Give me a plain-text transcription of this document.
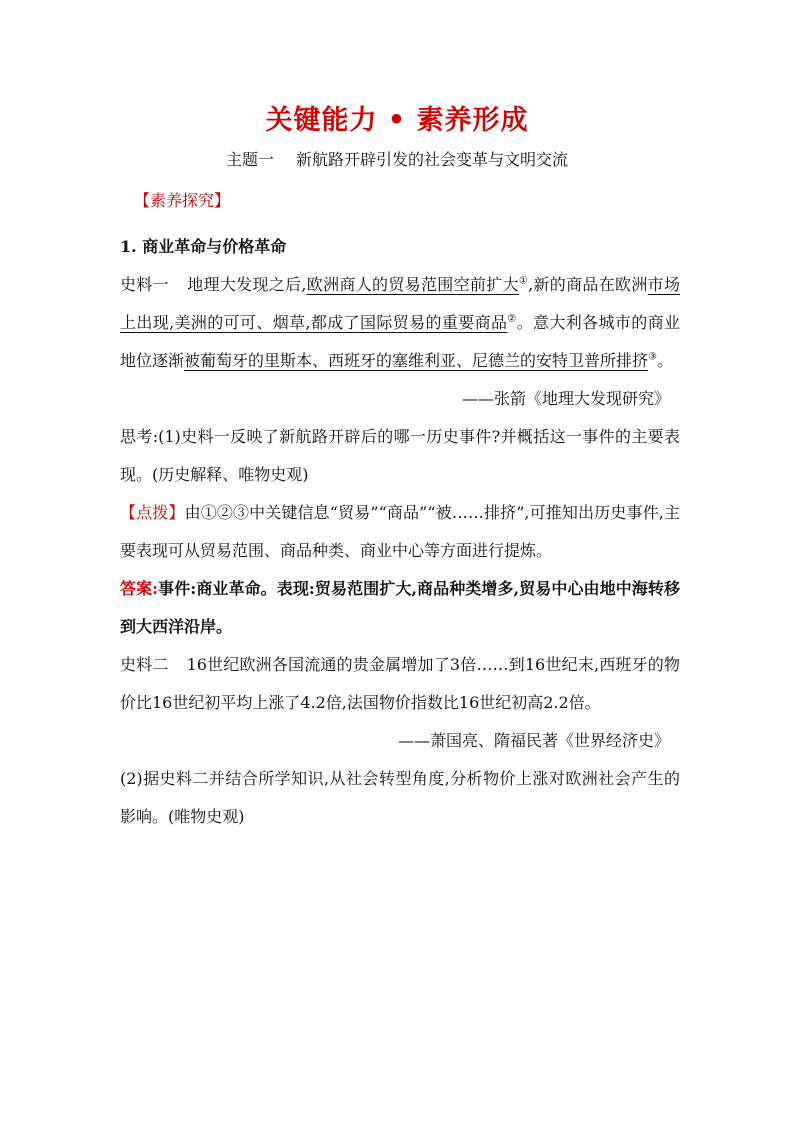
关键能力 • 素养形成
主题一 新航路开辟引发的社会变革与文明交流
【素养探究】

1. 商业革命与价格革命

史料一 地理大发现之后,欧洲商人的贸易范围空前扩大①,新的商品在欧洲市场上出现,美洲的可可、烟草,都成了国际贸易的重要商品②。意大利各城市的商业地位逐渐被葡萄牙的里斯本、西班牙的塞维利亚、尼德兰的安特卫普所排挤③。

——张箭《地理大发现研究》

思考:(1)史料一反映了新航路开辟后的哪一历史事件?并概括这一事件的主要表现。(历史解释、唯物史观)

【点拨】由①②③中关键信息“贸易”“商品”“被……排挤”,可推知出历史事件,主要表现可从贸易范围、商品种类、商业中心等方面进行提炼。

答案:事件:商业革命。表现:贸易范围扩大,商品种类增多,贸易中心由地中海转移到大西洋沿岸。

史料二 16世纪欧洲各国流通的贵金属增加了3倍……到16世纪末,西班牙的物价比16世纪初平均上涨了4.2倍,法国物价指数比16世纪初高2.2倍。

——萧国亮、隋福民著《世界经济史》

(2)据史料二并结合所学知识,从社会转型角度,分析物价上涨对欧洲社会产生的影响。(唯物史观)
